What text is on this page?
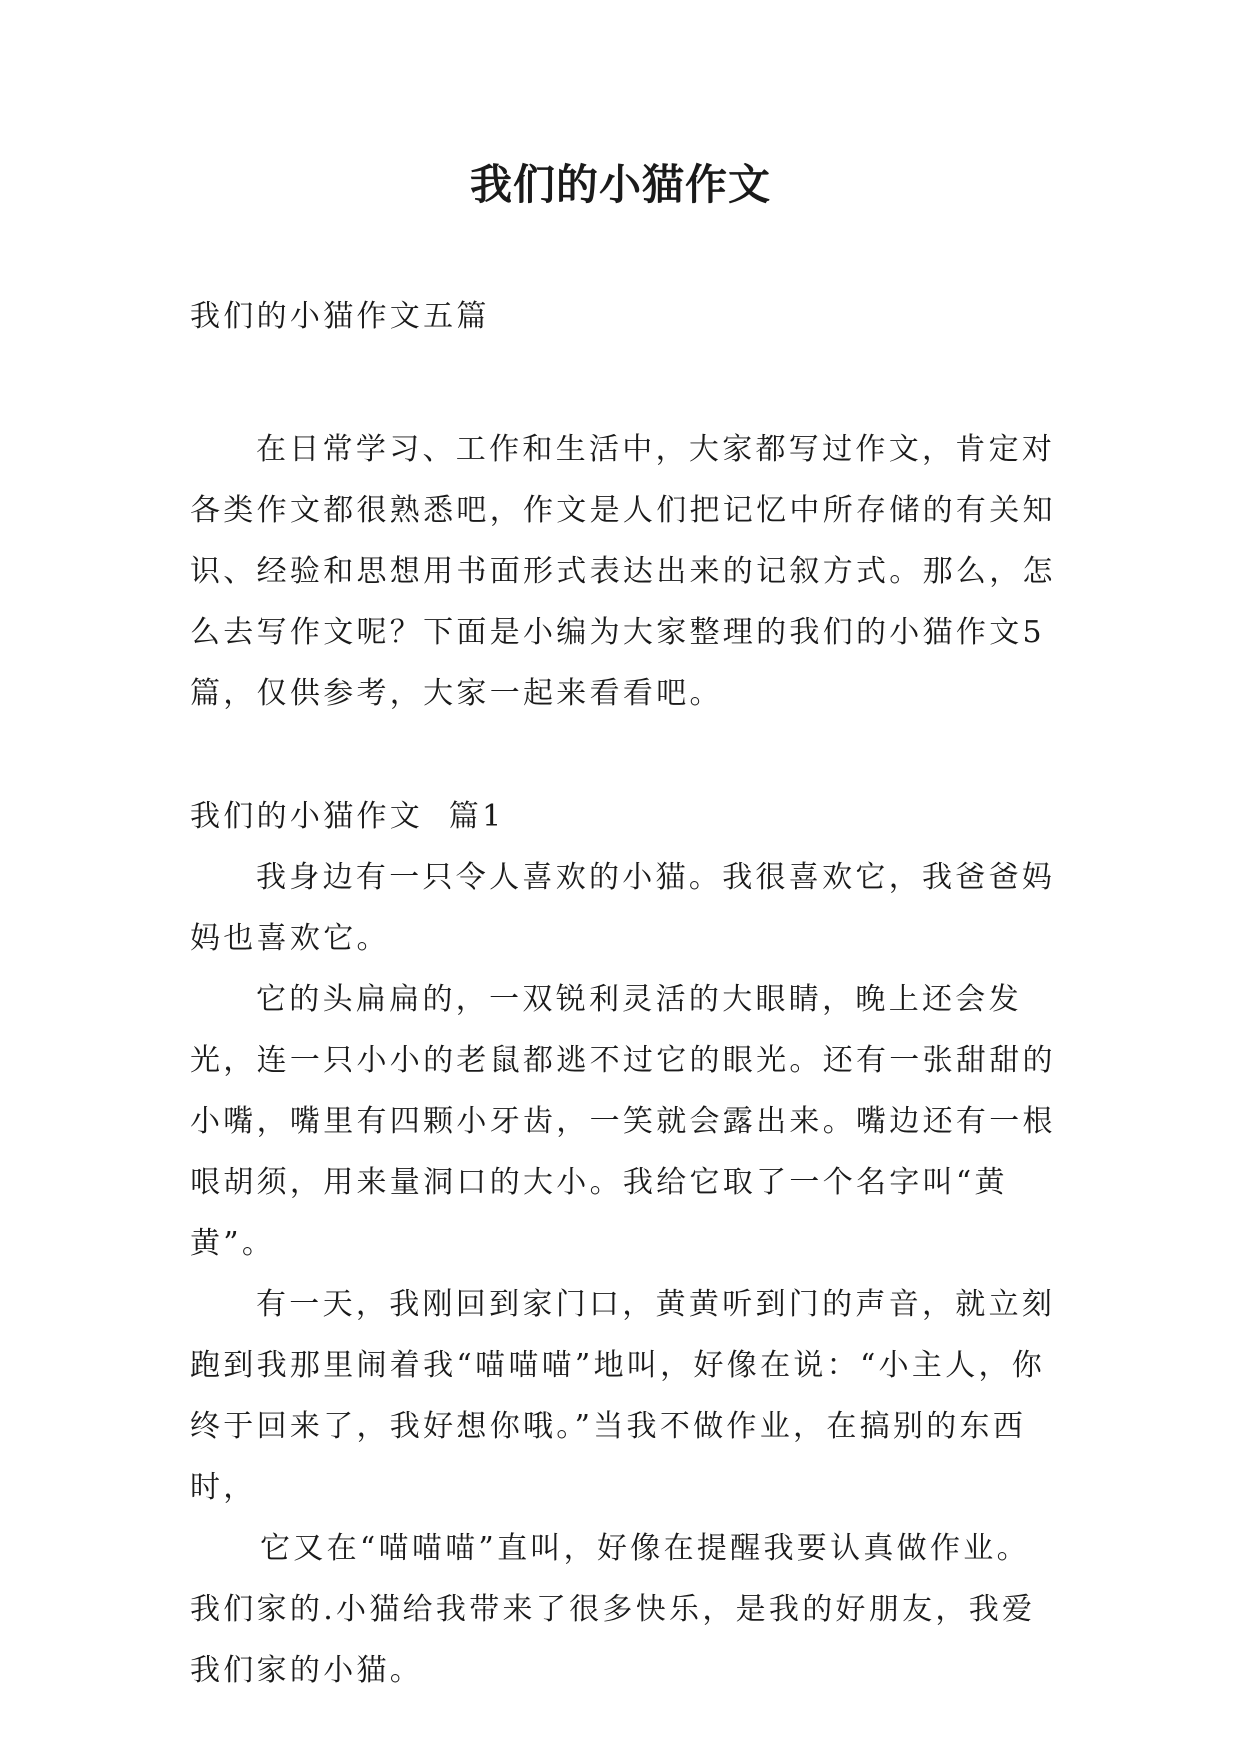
我们的小猫作文

我们的小猫作文五篇

在日常学习、工作和生活中，大家都写过作文，肯定对各类作文都很熟悉吧，作文是人们把记忆中所存储的有关知识、经验和思想用书面形式表达出来的记叙方式。那么，怎么去写作文呢？下面是小编为大家整理的我们的小猫作文5篇，仅供参考，大家一起来看看吧。

我们的小猫作文  篇1

我身边有一只令人喜欢的小猫。我很喜欢它，我爸爸妈妈也喜欢它。

它的头扁扁的，一双锐利灵活的大眼睛，晚上还会发光，连一只小小的老鼠都逃不过它的眼光。还有一张甜甜的小嘴，嘴里有四颗小牙齿，一笑就会露出来。嘴边还有一根哏胡须，用来量洞口的大小。我给它取了一个名字叫“黄黄”。

有一天，我刚回到家门口，黄黄听到门的声音，就立刻跑到我那里闹着我“喵喵喵”地叫，好像在说：“小主人，你终于回来了，我好想你哦。”当我不做作业，在搞别的东西时，

它又在“喵喵喵”直叫，好像在提醒我要认真做作业。我们家的.小猫给我带来了很多快乐，是我的好朋友，我爱我们家的小猫。
